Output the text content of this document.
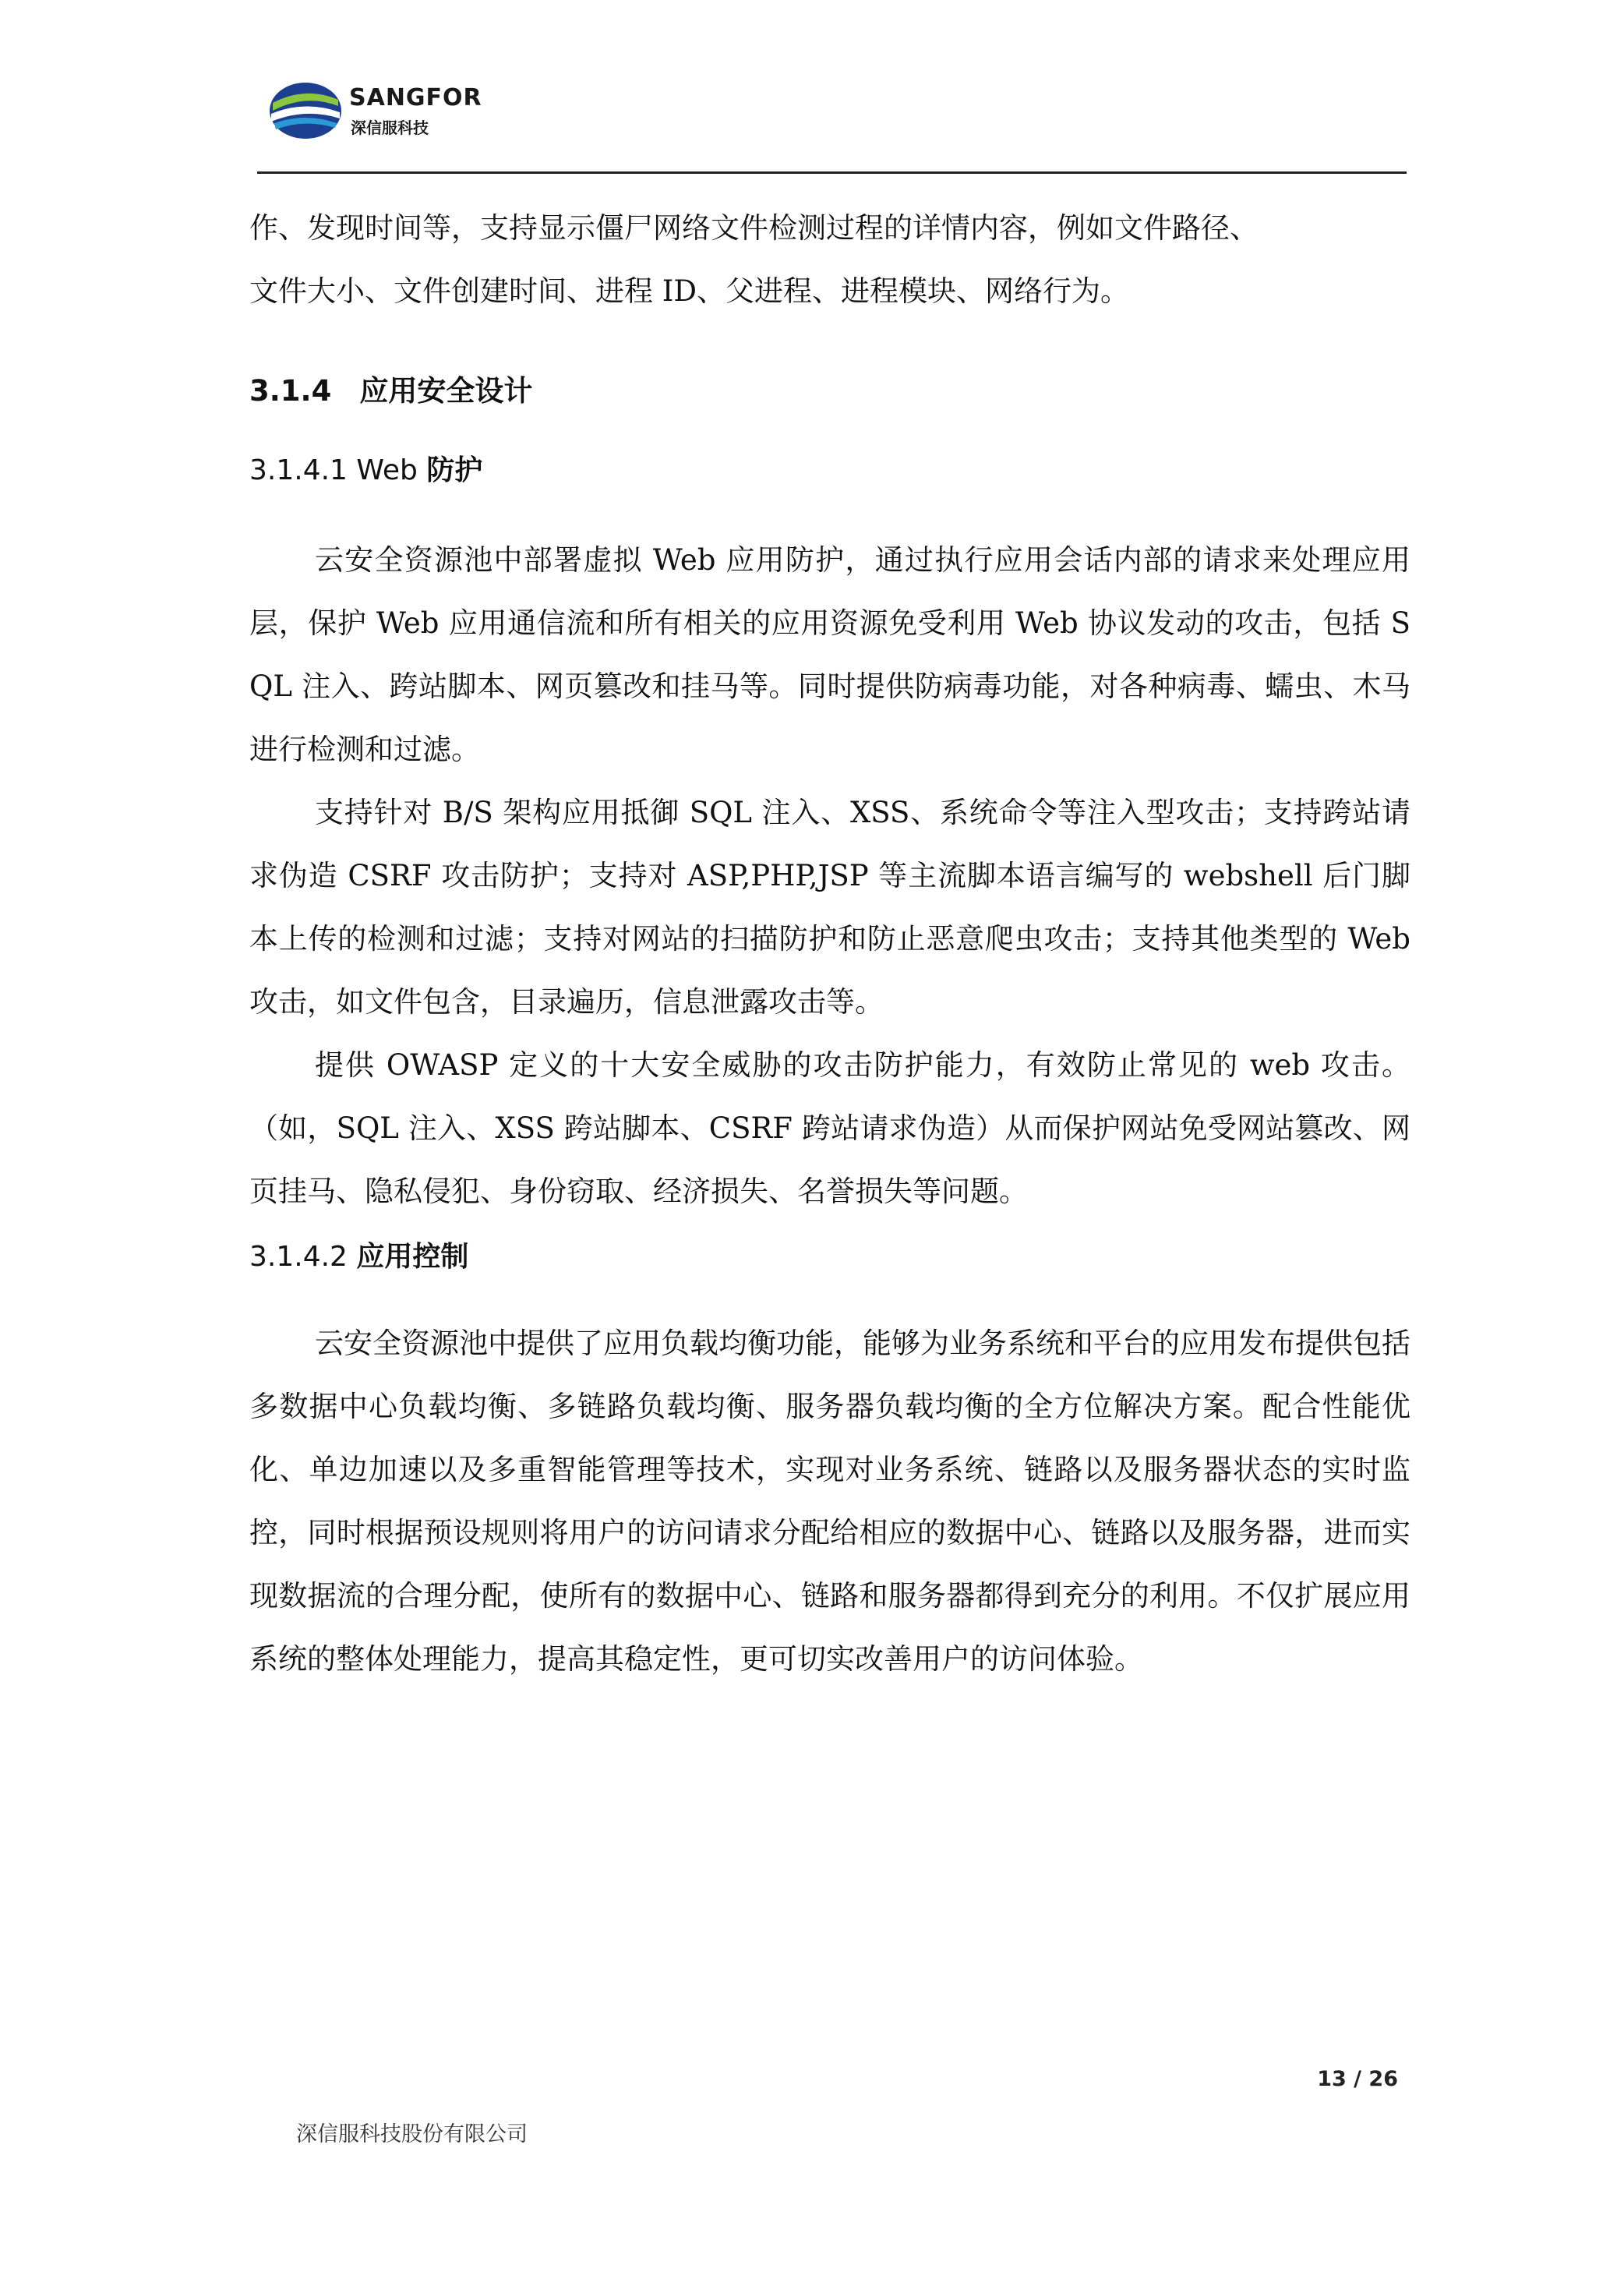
SANGFOR
深信服科技

作、发现时间等，支持显示僵尸网络文件检测过程的详情内容，例如文件路径、

文件大小、文件创建时间、进程 ID、父进程、进程模块、网络行为。

3.1.4 应用安全设计

3.1.4.1 Web 防护

云安全资源池中部署虚拟 Web 应用防护，通过执行应用会话内部的请求来处理应用层，保护 Web 应用通信流和所有相关的应用资源免受利用 Web 协议发动的攻击，包括 SQL 注入、跨站脚本、网页篡改和挂马等。同时提供防病毒功能，对各种病毒、蠕虫、木马进行检测和过滤。

支持针对 B/S 架构应用抵御 SQL 注入、XSS、系统命令等注入型攻击；支持跨站请求伪造 CSRF 攻击防护；支持对 ASP,PHP,JSP 等主流脚本语言编写的 webshell 后门脚本上传的检测和过滤；支持对网站的扫描防护和防止恶意爬虫攻击；支持其他类型的 Web 攻击，如文件包含，目录遍历，信息泄露攻击等。

提供 OWASP 定义的十大安全威胁的攻击防护能力，有效防止常见的 web 攻击。（如，SQL 注入、XSS 跨站脚本、CSRF 跨站请求伪造）从而保护网站免受网站篡改、网页挂马、隐私侵犯、身份窃取、经济损失、名誉损失等问题。

3.1.4.2 应用控制

云安全资源池中提供了应用负载均衡功能，能够为业务系统和平台的应用发布提供包括多数据中心负载均衡、多链路负载均衡、服务器负载均衡的全方位解决方案。配合性能优化、单边加速以及多重智能管理等技术，实现对业务系统、链路以及服务器状态的实时监控，同时根据预设规则将用户的访问请求分配给相应的数据中心、链路以及服务器，进而实现数据流的合理分配，使所有的数据中心、链路和服务器都得到充分的利用。不仅扩展应用系统的整体处理能力，提高其稳定性，更可切实改善用户的访问体验。

13 / 26
深信服科技股份有限公司
